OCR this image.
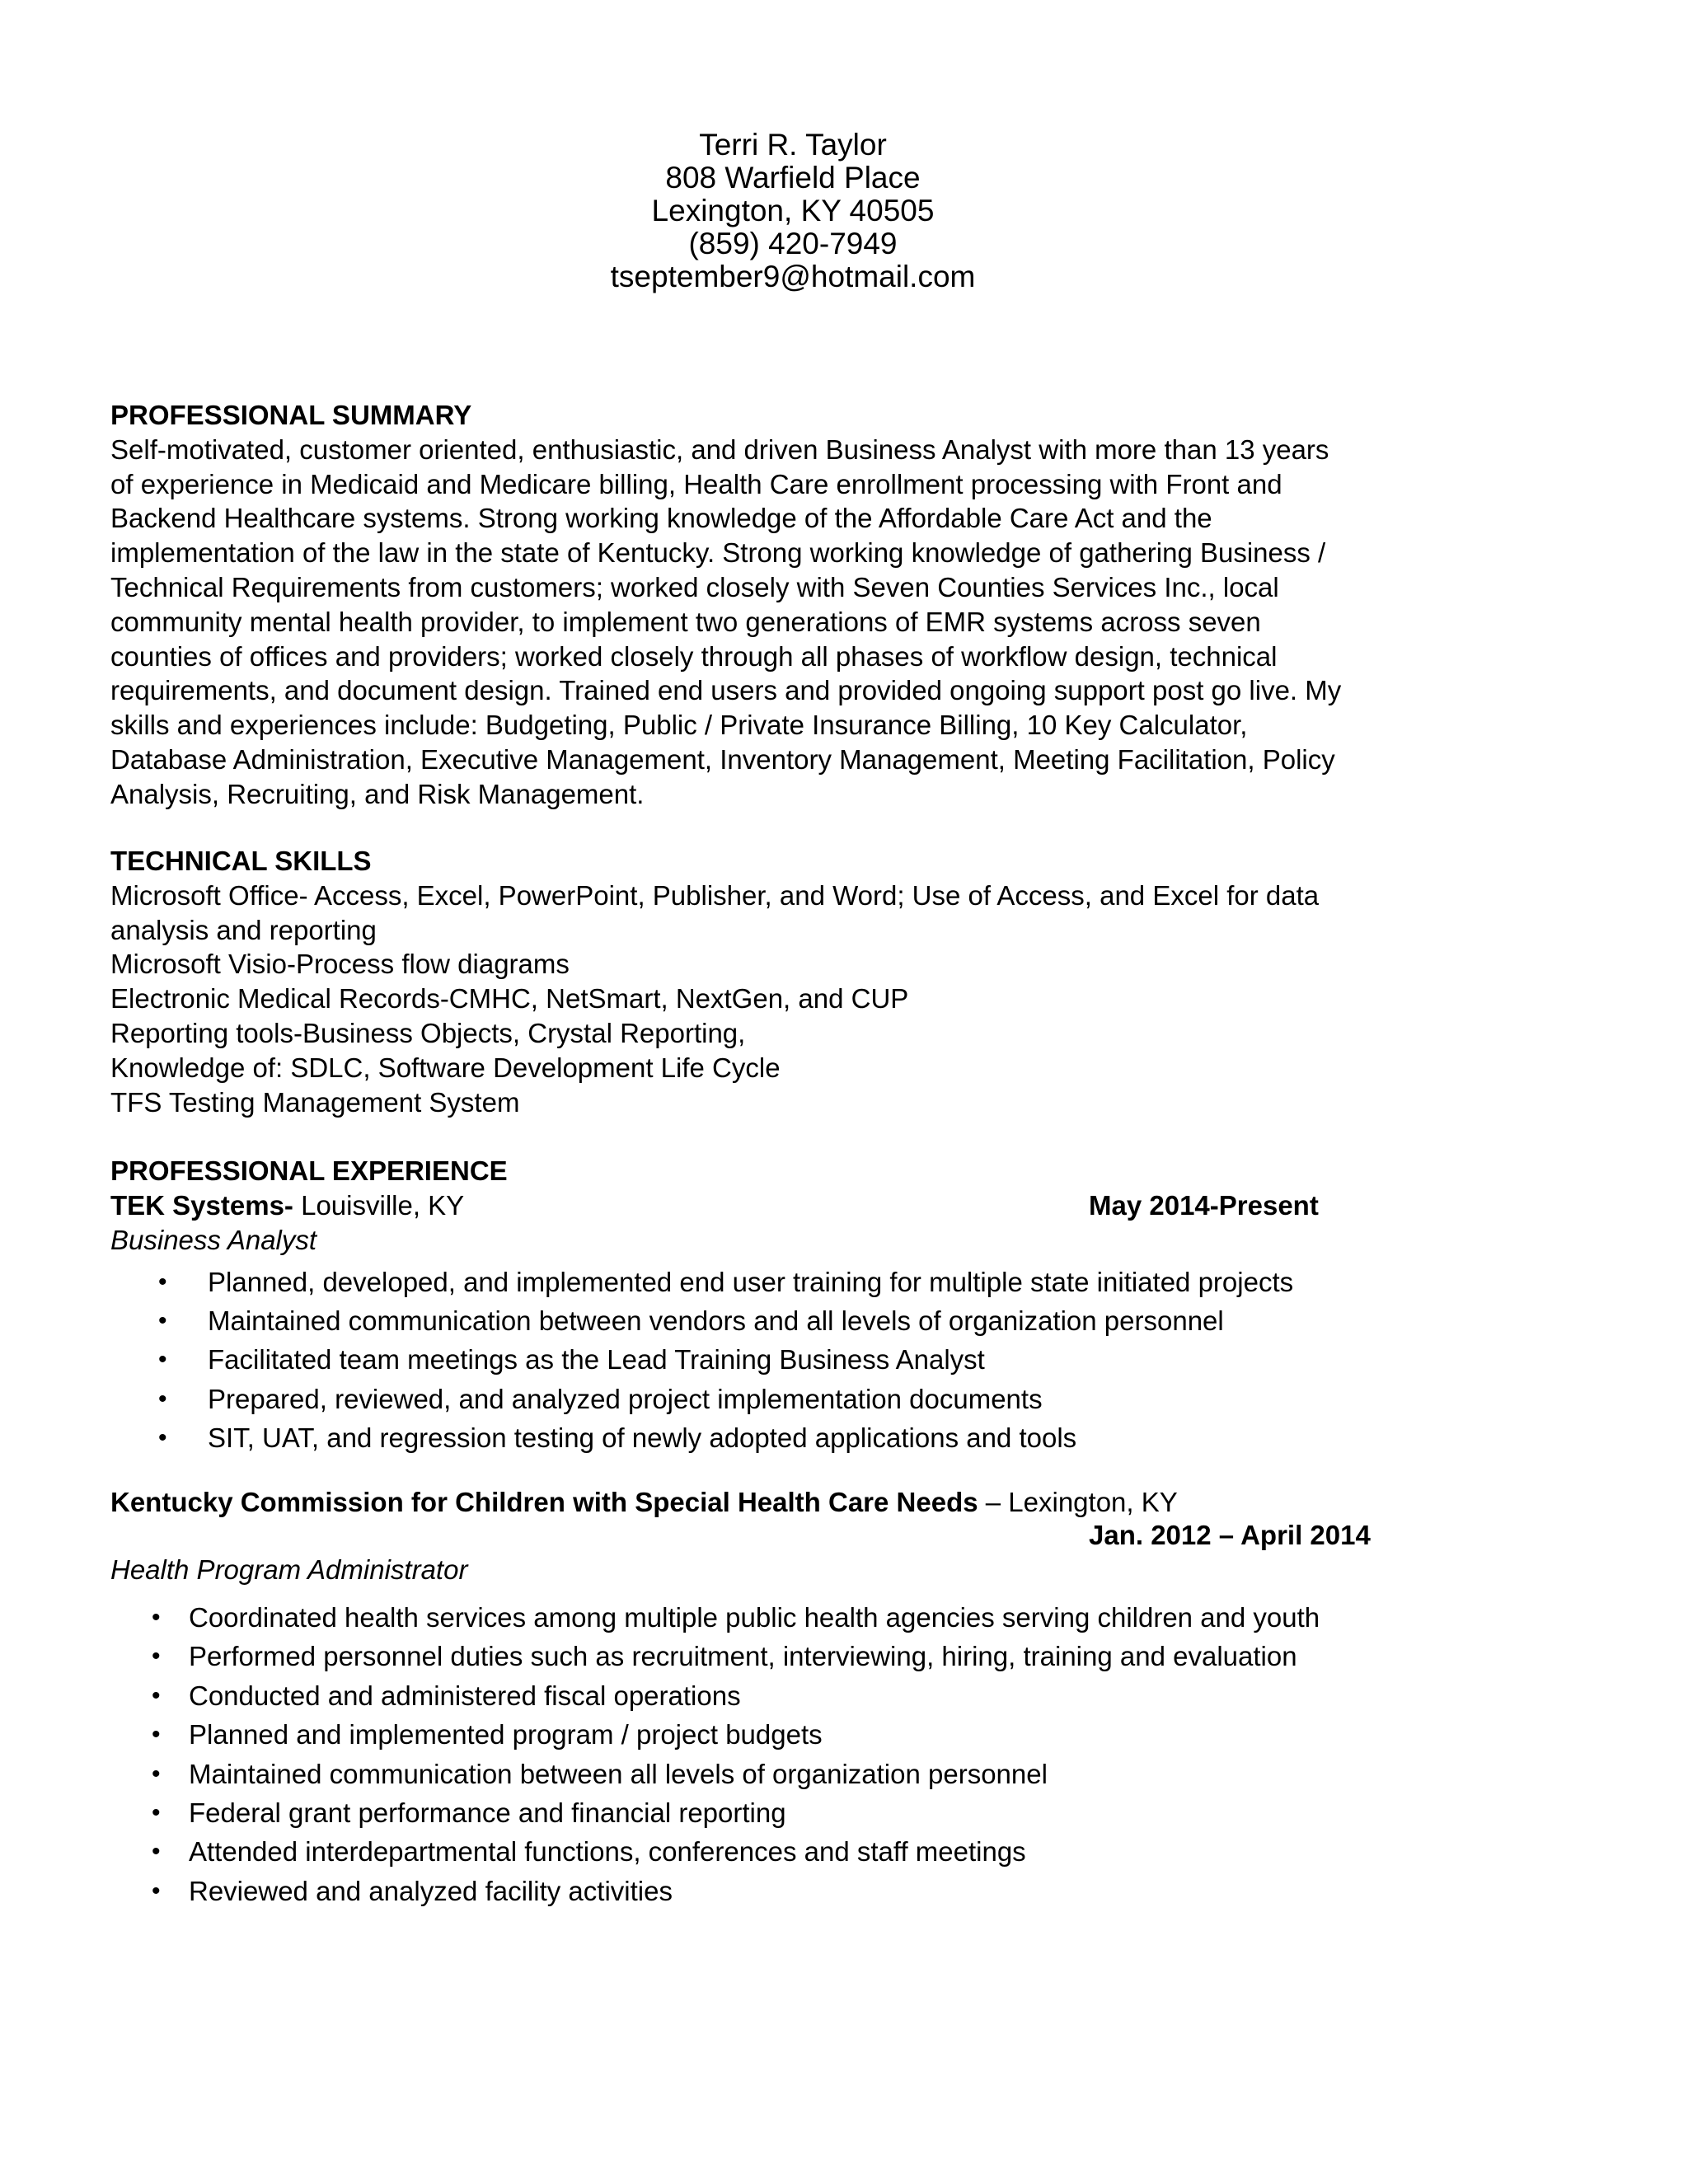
Terri R. Taylor
808 Warfield Place
Lexington, KY 40505
(859) 420-7949
tseptember9@hotmail.com
PROFESSIONAL SUMMARY
Self-motivated, customer oriented, enthusiastic, and driven Business Analyst with more than 13 years
of experience in Medicaid and Medicare billing, Health Care enrollment processing with Front and
Backend Healthcare systems. Strong working knowledge of the Affordable Care Act and the
implementation of the law in the state of Kentucky. Strong working knowledge of gathering Business /
Technical Requirements from customers; worked closely with Seven Counties Services Inc., local
community mental health provider, to implement two generations of EMR systems across seven
counties of offices and providers; worked closely through all phases of workflow design, technical
requirements, and document design. Trained end users and provided ongoing support post go live. My
skills and experiences include: Budgeting, Public / Private Insurance Billing, 10 Key Calculator,
Database Administration, Executive Management, Inventory Management, Meeting Facilitation, Policy
Analysis, Recruiting, and Risk Management.
TECHNICAL SKILLS
Microsoft Office- Access, Excel, PowerPoint, Publisher, and Word; Use of Access, and Excel for data
analysis and reporting
Microsoft Visio-Process flow diagrams
Electronic Medical Records-CMHC, NetSmart, NextGen, and CUP
Reporting tools-Business Objects, Crystal Reporting,
Knowledge of: SDLC, Software Development Life Cycle
TFS Testing Management System
PROFESSIONAL EXPERIENCE
TEK Systems- Louisville, KY	May 2014-Present
Business Analyst
• Planned, developed, and implemented end user training for multiple state initiated projects
• Maintained communication between vendors and all levels of organization personnel
• Facilitated team meetings as the Lead Training Business Analyst
• Prepared, reviewed, and analyzed project implementation documents
• SIT, UAT, and regression testing of newly adopted applications and tools
Kentucky Commission for Children with Special Health Care Needs – Lexington, KY
Jan. 2012 – April 2014
Health Program Administrator
• Coordinated health services among multiple public health agencies serving children and youth
• Performed personnel duties such as recruitment, interviewing, hiring, training and evaluation
• Conducted and administered fiscal operations
• Planned and implemented program / project budgets
• Maintained communication between all levels of organization personnel
• Federal grant performance and financial reporting
• Attended interdepartmental functions, conferences and staff meetings
• Reviewed and analyzed facility activities
